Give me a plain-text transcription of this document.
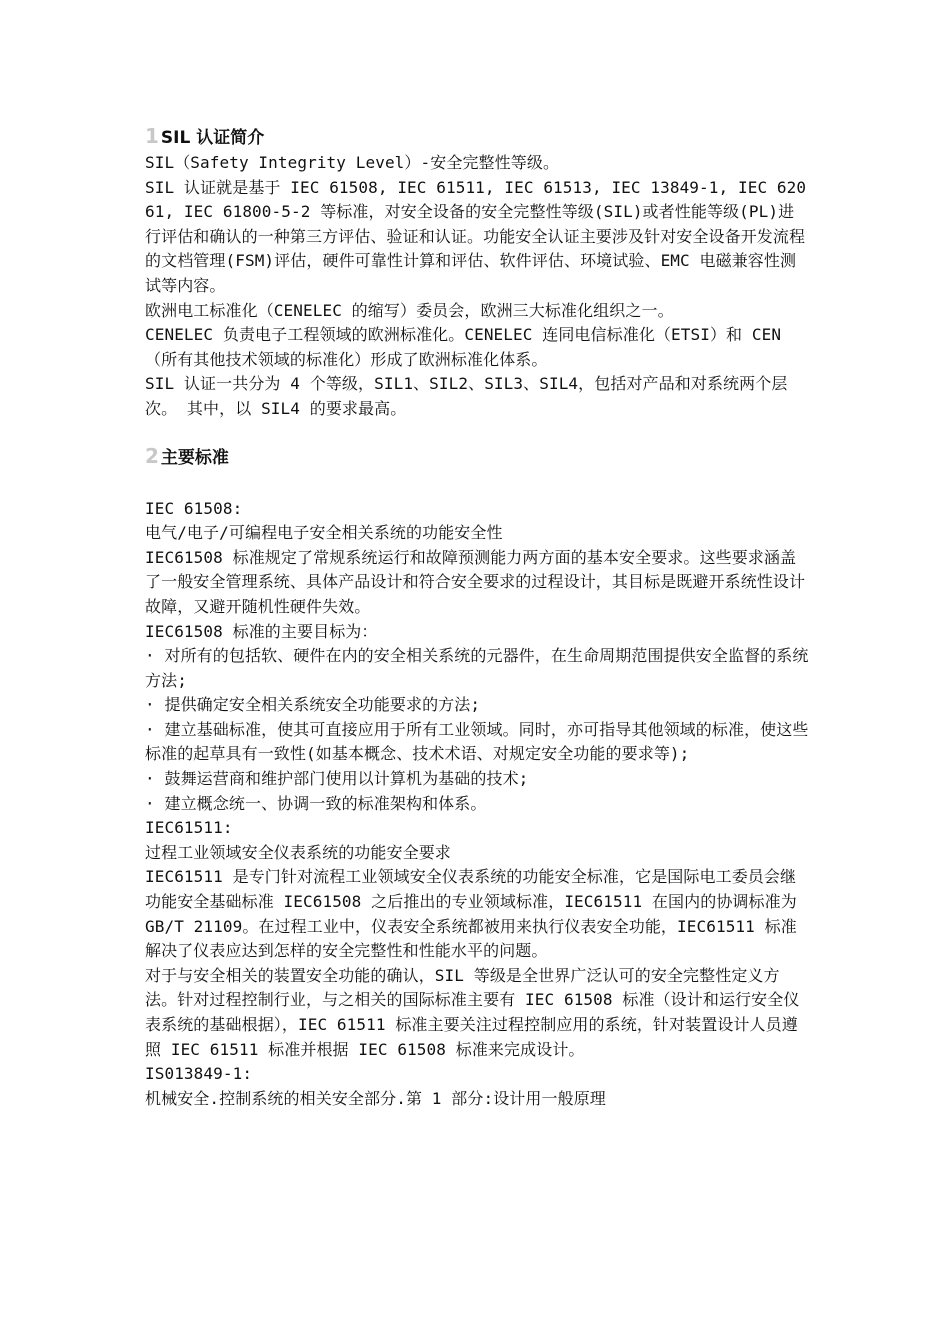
1 SIL 认证简介

SIL（Safety Integrity Level）-安全完整性等级。

SIL 认证就是基于 IEC 61508, IEC 61511, IEC 61513, IEC 13849-1, IEC 62061, IEC 61800-5-2 等标准，对安全设备的安全完整性等级(SIL)或者性能等级(PL)进行评估和确认的一种第三方评估、验证和认证。功能安全认证主要涉及针对安全设备开发流程的文档管理(FSM)评估，硬件可靠性计算和评估、软件评估、环境试验、EMC 电磁兼容性测试等内容。

欧洲电工标准化（CENELEC 的缩写）委员会，欧洲三大标准化组织之一。

CENELEC 负责电子工程领域的欧洲标准化。CENELEC 连同电信标准化（ETSI）和 CEN（所有其他技术领域的标准化）形成了欧洲标准化体系。

SIL 认证一共分为 4 个等级，SIL1、SIL2、SIL3、SIL4，包括对产品和对系统两个层次。 其中，以 SIL4 的要求最高。

2 主要标准

IEC 61508:

电气/电子/可编程电子安全相关系统的功能安全性

IEC61508 标准规定了常规系统运行和故障预测能力两方面的基本安全要求。这些要求涵盖了一般安全管理系统、具体产品设计和符合安全要求的过程设计，其目标是既避开系统性设计故障，又避开随机性硬件失效。

IEC61508 标准的主要目标为：

· 对所有的包括软、硬件在内的安全相关系统的元器件，在生命周期范围提供安全监督的系统方法;

· 提供确定安全相关系统安全功能要求的方法;

· 建立基础标准，使其可直接应用于所有工业领域。同时，亦可指导其他领域的标准，使这些标准的起草具有一致性(如基本概念、技术术语、对规定安全功能的要求等);

· 鼓舞运营商和维护部门使用以计算机为基础的技术;

· 建立概念统一、协调一致的标准架构和体系。

IEC61511:

过程工业领域安全仪表系统的功能安全要求

IEC61511 是专门针对流程工业领域安全仪表系统的功能安全标准，它是国际电工委员会继功能安全基础标准 IEC61508 之后推出的专业领域标准，IEC61511 在国内的协调标准为 GB/T 21109。在过程工业中，仪表安全系统都被用来执行仪表安全功能，IEC61511 标准解决了仪表应达到怎样的安全完整性和性能水平的问题。

对于与安全相关的装置安全功能的确认，SIL 等级是全世界广泛认可的安全完整性定义方法。针对过程控制行业，与之相关的国际标准主要有 IEC 61508 标准（设计和运行安全仪表系统的基础根据），IEC 61511 标准主要关注过程控制应用的系统，针对装置设计人员遵照 IEC 61511 标准并根据 IEC 61508 标准来完成设计。

IS013849-1:

机械安全.控制系统的相关安全部分.第 1 部分:设计用一般原理
